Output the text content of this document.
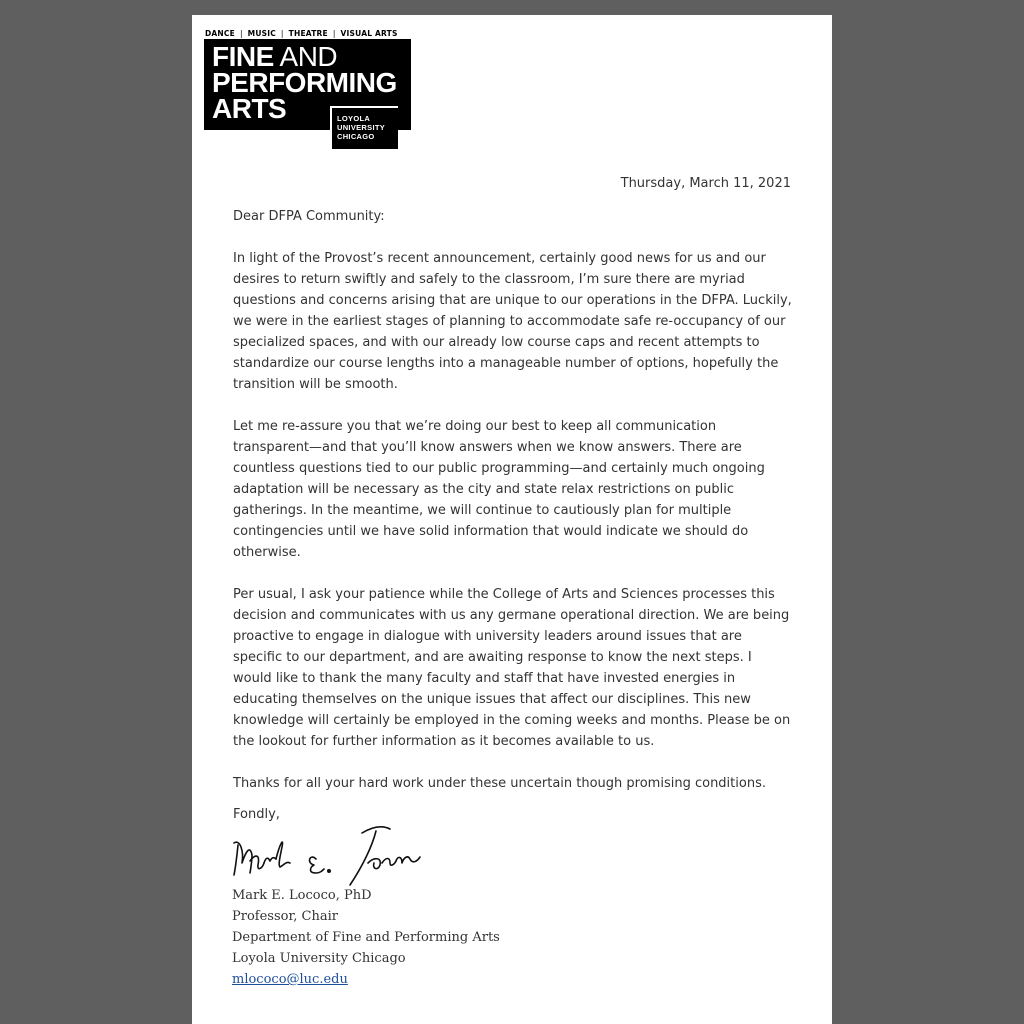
DANCE | MUSIC | THEATRE | VISUAL ARTS
FINE AND
PERFORMING
ARTS	LOYOLA
UNIVERSITY
CHICAGO
Thursday, March 11, 2021

Dear DFPA Community:

In light of the Provost’s recent announcement, certainly good news for us and our desires to return swiftly and safely to the classroom, I’m sure there are myriad questions and concerns arising that are unique to our operations in the DFPA. Luckily, we were in the earliest stages of planning to accommodate safe re-occupancy of our specialized spaces, and with our already low course caps and recent attempts to standardize our course lengths into a manageable number of options, hopefully the transition will be smooth.

Let me re-assure you that we’re doing our best to keep all communication transparent—and that you’ll know answers when we know answers. There are countless questions tied to our public programming—and certainly much ongoing adaptation will be necessary as the city and state relax restrictions on public gatherings. In the meantime, we will continue to cautiously plan for multiple contingencies until we have solid information that would indicate we should do otherwise.

Per usual, I ask your patience while the College of Arts and Sciences processes this decision and communicates with us any germane operational direction. We are being proactive to engage in dialogue with university leaders around issues that are specific to our department, and are awaiting response to know the next steps. I would like to thank the many faculty and staff that have invested energies in educating themselves on the unique issues that affect our disciplines. This new knowledge will certainly be employed in the coming weeks and months. Please be on the lookout for further information as it becomes available to us.

Thanks for all your hard work under these uncertain though promising conditions.

Fondly,

Mark E. Lococo, PhD
Professor, Chair
Department of Fine and Performing Arts
Loyola University Chicago
mlococo@luc.edu
